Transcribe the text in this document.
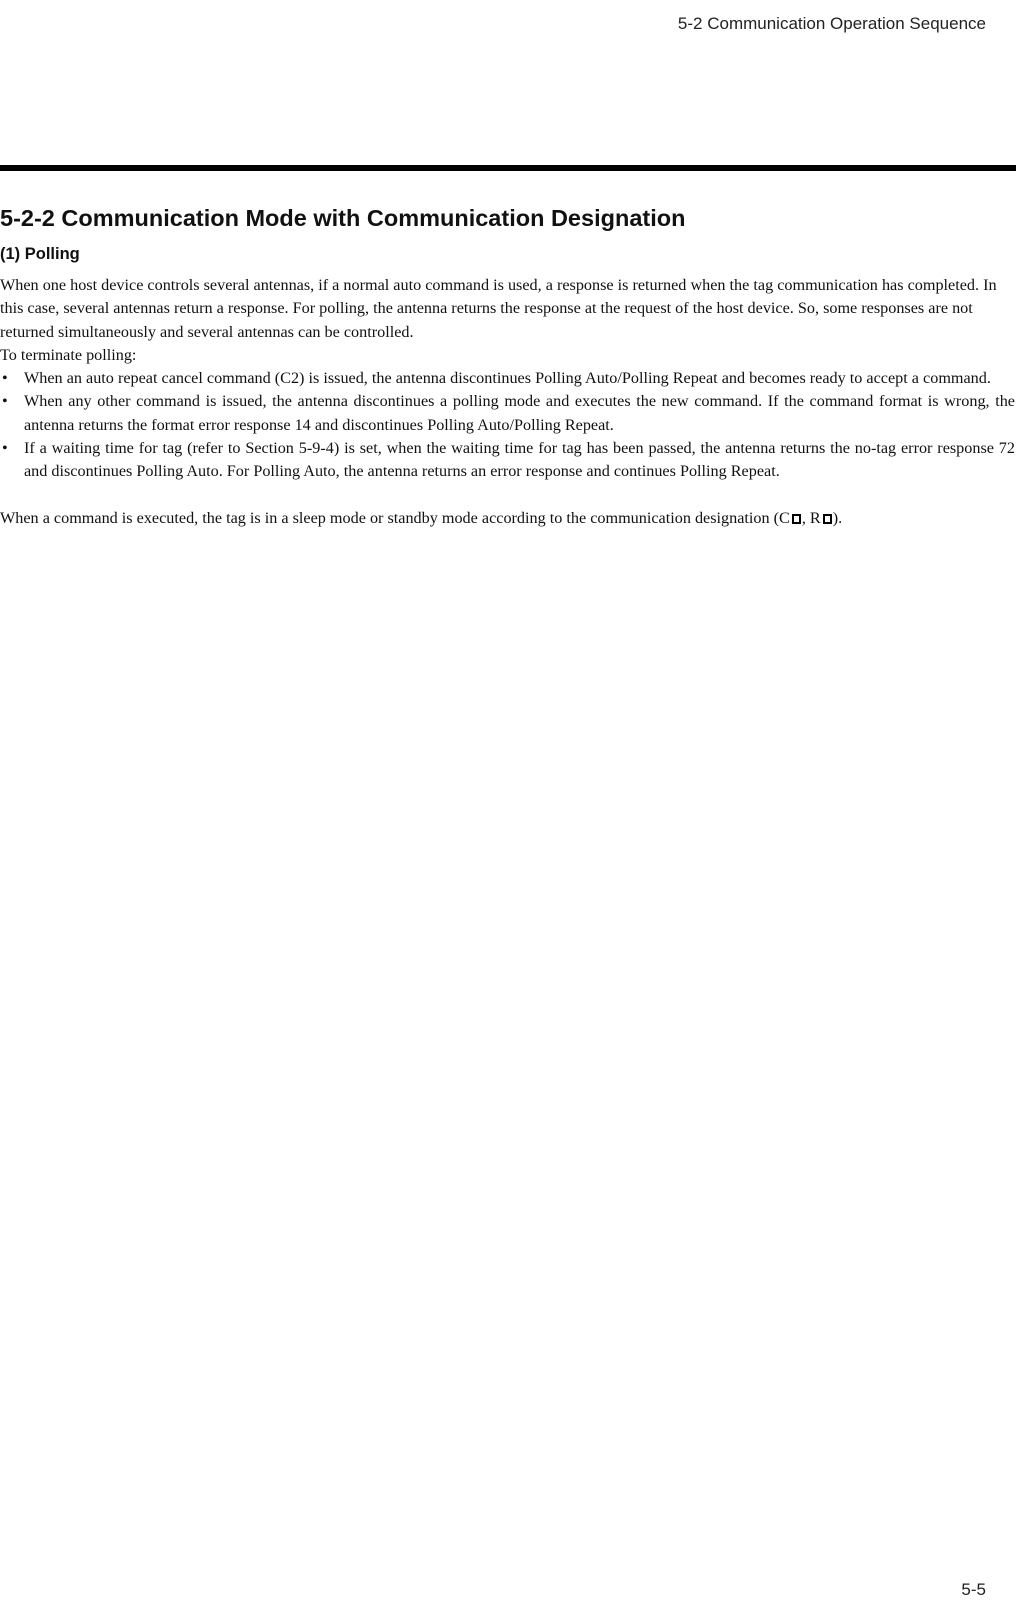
5-2 Communication Operation Sequence
5-2-2 Communication Mode with Communication Designation
(1) Polling

When one host device controls several antennas, if a normal auto command is used, a response is returned when the tag communication has completed. In this case, several antennas return a response. For polling, the antenna returns the response at the request of the host device. So, some responses are not returned simultaneously and several antennas can be controlled.

To terminate polling:

• When an auto repeat cancel command (C2) is issued, the antenna discontinues Polling Auto/Polling Repeat and becomes ready to accept a command.
• When any other command is issued, the antenna discontinues a polling mode and executes the new command. If the command format is wrong, the antenna returns the format error response 14 and discontinues Polling Auto/Polling Repeat.
• If a waiting time for tag (refer to Section 5-9-4) is set, when the waiting time for tag has been passed, the antenna returns the no-tag error response 72 and discontinues Polling Auto. For Polling Auto, the antenna returns an error response and continues Polling Repeat.

When a command is executed, the tag is in a sleep mode or standby mode according to the communication designation (C , R ).

5-5
